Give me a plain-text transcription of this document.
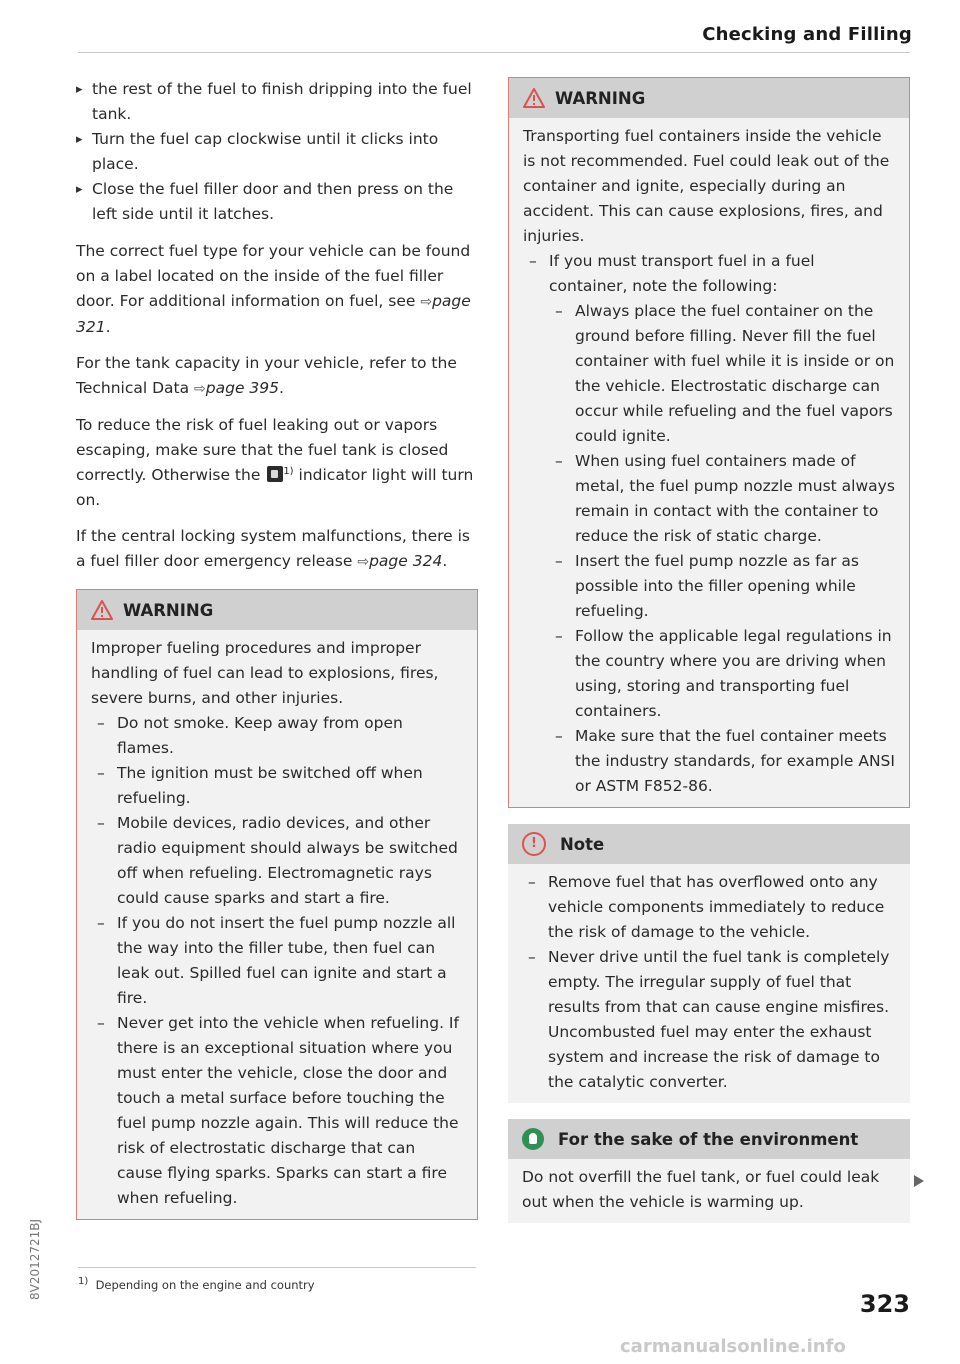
Checking and Filling
▸ the rest of the fuel to finish dripping into the fuel tank.
▸ Turn the fuel cap clockwise until it clicks into place.
▸ Close the fuel filler door and then press on the left side until it latches.

The correct fuel type for your vehicle can be found on a label located on the inside of the fuel filler door. For additional information on fuel, see ⇨page 321.

For the tank capacity in your vehicle, refer to the Technical Data ⇨page 395.

To reduce the risk of fuel leaking out or vapors escaping, make sure that the fuel tank is closed correctly. Otherwise the $^{1)}$ indicator light will turn on.

If the central locking system malfunctions, there is a fuel filler door emergency release ⇨page 324.

WARNING

Improper fueling procedures and improper handling of fuel can lead to explosions, fires, severe burns, and other injuries.

– Do not smoke. Keep away from open flames.
– The ignition must be switched off when refueling.
– Mobile devices, radio devices, and other radio equipment should always be switched off when refueling. Electromagnetic rays could cause sparks and start a fire.
– If you do not insert the fuel pump nozzle all the way into the filler tube, then fuel can leak out. Spilled fuel can ignite and start a fire.
– Never get into the vehicle when refueling. If there is an exceptional situation where you must enter the vehicle, close the door and touch a metal surface before touching the fuel pump nozzle again. This will reduce the risk of electrostatic discharge that can cause flying sparks. Sparks can start a fire when refueling.
WARNING

Transporting fuel containers inside the vehicle is not recommended. Fuel could leak out of the container and ignite, especially during an accident. This can cause explosions, fires, and injuries.

– If you must transport fuel in a fuel container, note the following:
– Always place the fuel container on the ground before filling. Never fill the fuel container with fuel while it is inside or on the vehicle. Electrostatic discharge can occur while refueling and the fuel vapors could ignite.
– When using fuel containers made of metal, the fuel pump nozzle must always remain in contact with the container to reduce the risk of static charge.
– Insert the fuel pump nozzle as far as possible into the filler opening while refueling.
– Follow the applicable legal regulations in the country where you are driving when using, storing and transporting fuel containers.
– Make sure that the fuel container meets the industry standards, for example ANSI or ASTM F852-86.
!	Note
– Remove fuel that has overflowed onto any vehicle components immediately to reduce the risk of damage to the vehicle.
– Never drive until the fuel tank is completely empty. The irregular supply of fuel that results from that can cause engine misfires. Uncombusted fuel may enter the exhaust system and increase the risk of damage to the catalytic converter.
For the sake of the environment

Do not overfill the fuel tank, or fuel could leak out when the vehicle is warming up.

$^{1)}$ Depending on the engine and country
8V2012721BJ
323
carmanualsonline.info
